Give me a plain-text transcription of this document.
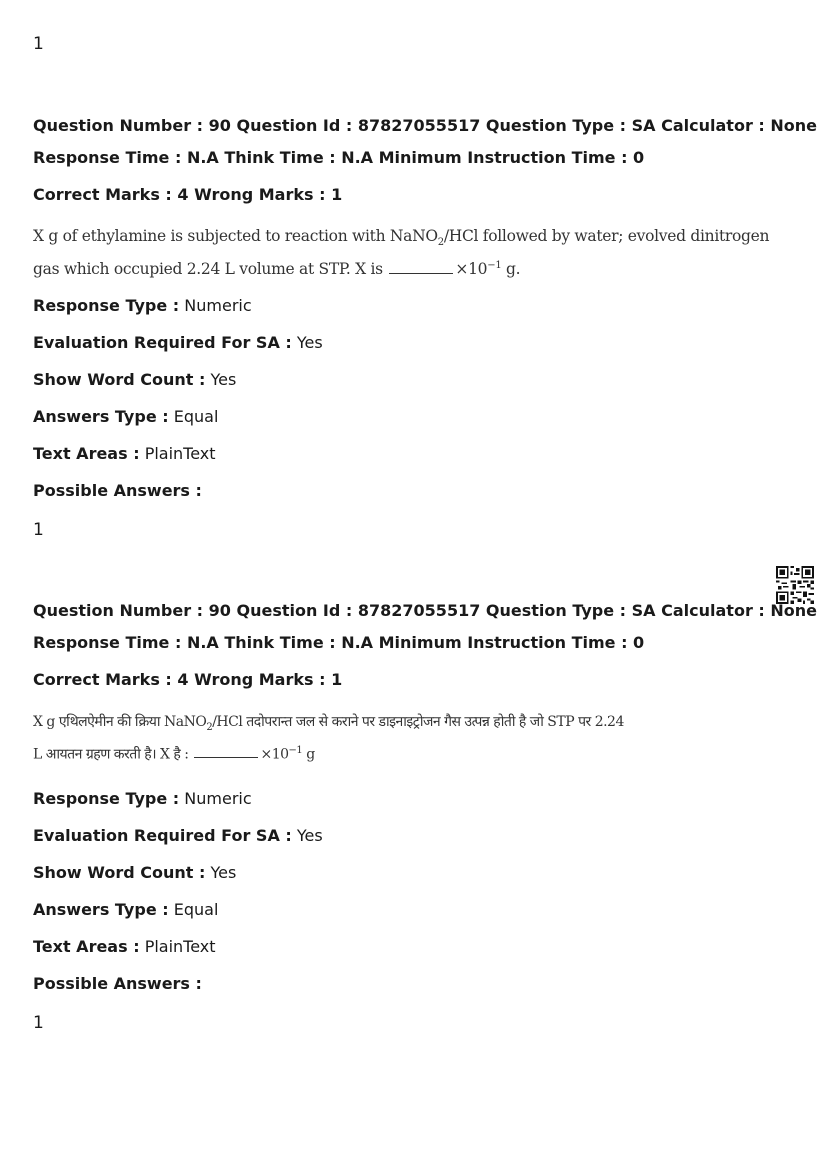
1
Question Number : 90 Question Id : 87827055517 Question Type : SA Calculator : None
Response Time : N.A Think Time : N.A Minimum Instruction Time : 0
Correct Marks : 4 Wrong Marks : 1
X g of ethylamine is subjected to reaction with NaNO$_2$/HCl followed by water; evolved dinitrogen
gas which occupied 2.24 L volume at STP. X is	$\times 10^{-1}$ g.
Response Type : Numeric
Evaluation Required For SA : Yes
Show Word Count : Yes
Answers Type : Equal
Text Areas : PlainText
Possible Answers :
1
Question Number : 90 Question Id : 87827055517 Question Type : SA Calculator : None
Response Time : N.A Think Time : N.A Minimum Instruction Time : 0
Correct Marks : 4 Wrong Marks : 1
X g एथिलऐमीन की क्रिया NaNO$_2$/HCl तदोपरान्त जल से कराने पर डाइनाइट्रोजन गैस उत्पन्न होती है जो STP पर 2.24
L आयतन ग्रहण करती है। X है :	$\times 10^{-1}$ g
Response Type : Numeric
Evaluation Required For SA : Yes
Show Word Count : Yes
Answers Type : Equal
Text Areas : PlainText
Possible Answers :
1
